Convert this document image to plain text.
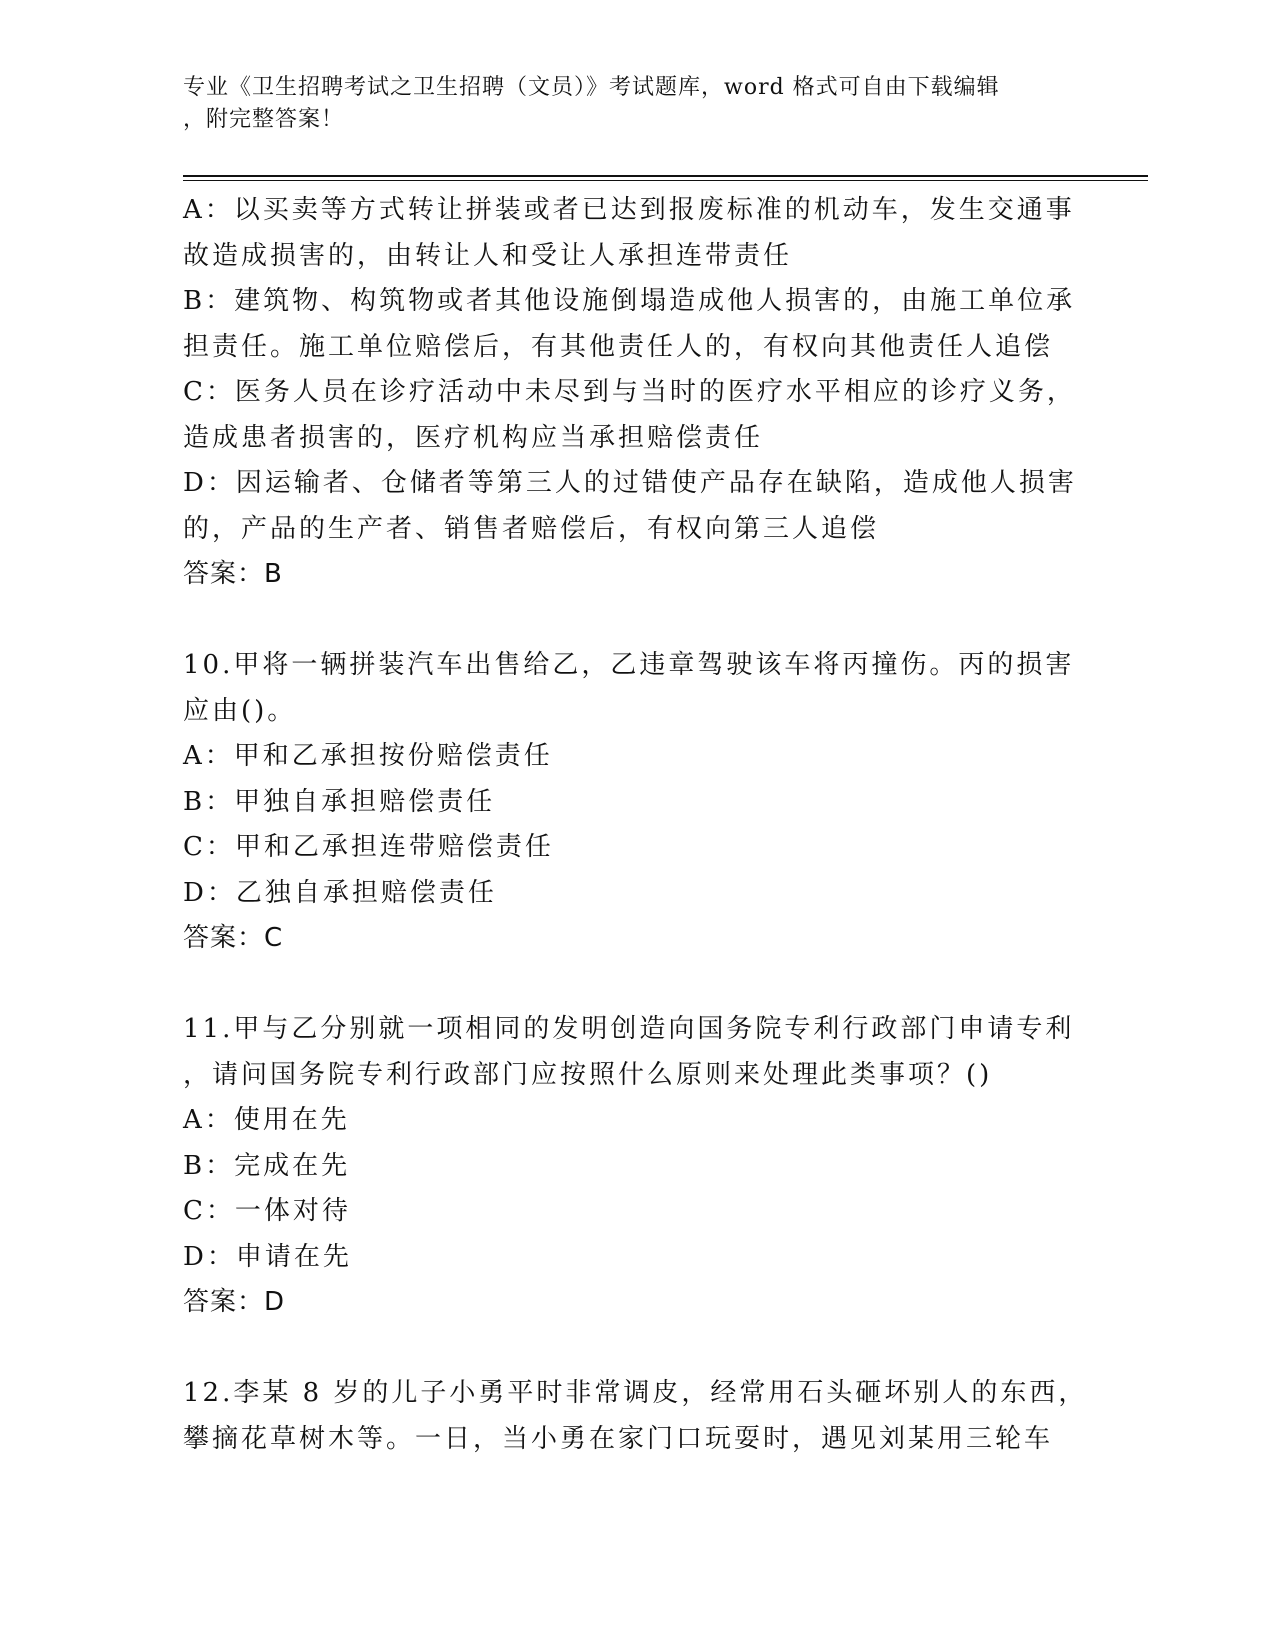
专业《卫生招聘考试之卫生招聘（文员）》考试题库，word 格式可自由下载编辑
，附完整答案！
A：以买卖等方式转让拼装或者已达到报废标准的机动车，发生交通事
故造成损害的，由转让人和受让人承担连带责任
B：建筑物、构筑物或者其他设施倒塌造成他人损害的，由施工单位承
担责任。施工单位赔偿后，有其他责任人的，有权向其他责任人追偿
C：医务人员在诊疗活动中未尽到与当时的医疗水平相应的诊疗义务，
造成患者损害的，医疗机构应当承担赔偿责任
D：因运输者、仓储者等第三人的过错使产品存在缺陷，造成他人损害
的，产品的生产者、销售者赔偿后，有权向第三人追偿
答案：B
10.甲将一辆拼装汽车出售给乙，乙违章驾驶该车将丙撞伤。丙的损害
应由()。
A：甲和乙承担按份赔偿责任
B：甲独自承担赔偿责任
C：甲和乙承担连带赔偿责任
D：乙独自承担赔偿责任
答案：C
11.甲与乙分别就一项相同的发明创造向国务院专利行政部门申请专利
，请问国务院专利行政部门应按照什么原则来处理此类事项？()
A：使用在先
B：完成在先
C：一体对待
D：申请在先
答案：D
12.李某 8 岁的儿子小勇平时非常调皮，经常用石头砸坏别人的东西，
攀摘花草树木等。一日，当小勇在家门口玩耍时，遇见刘某用三轮车
